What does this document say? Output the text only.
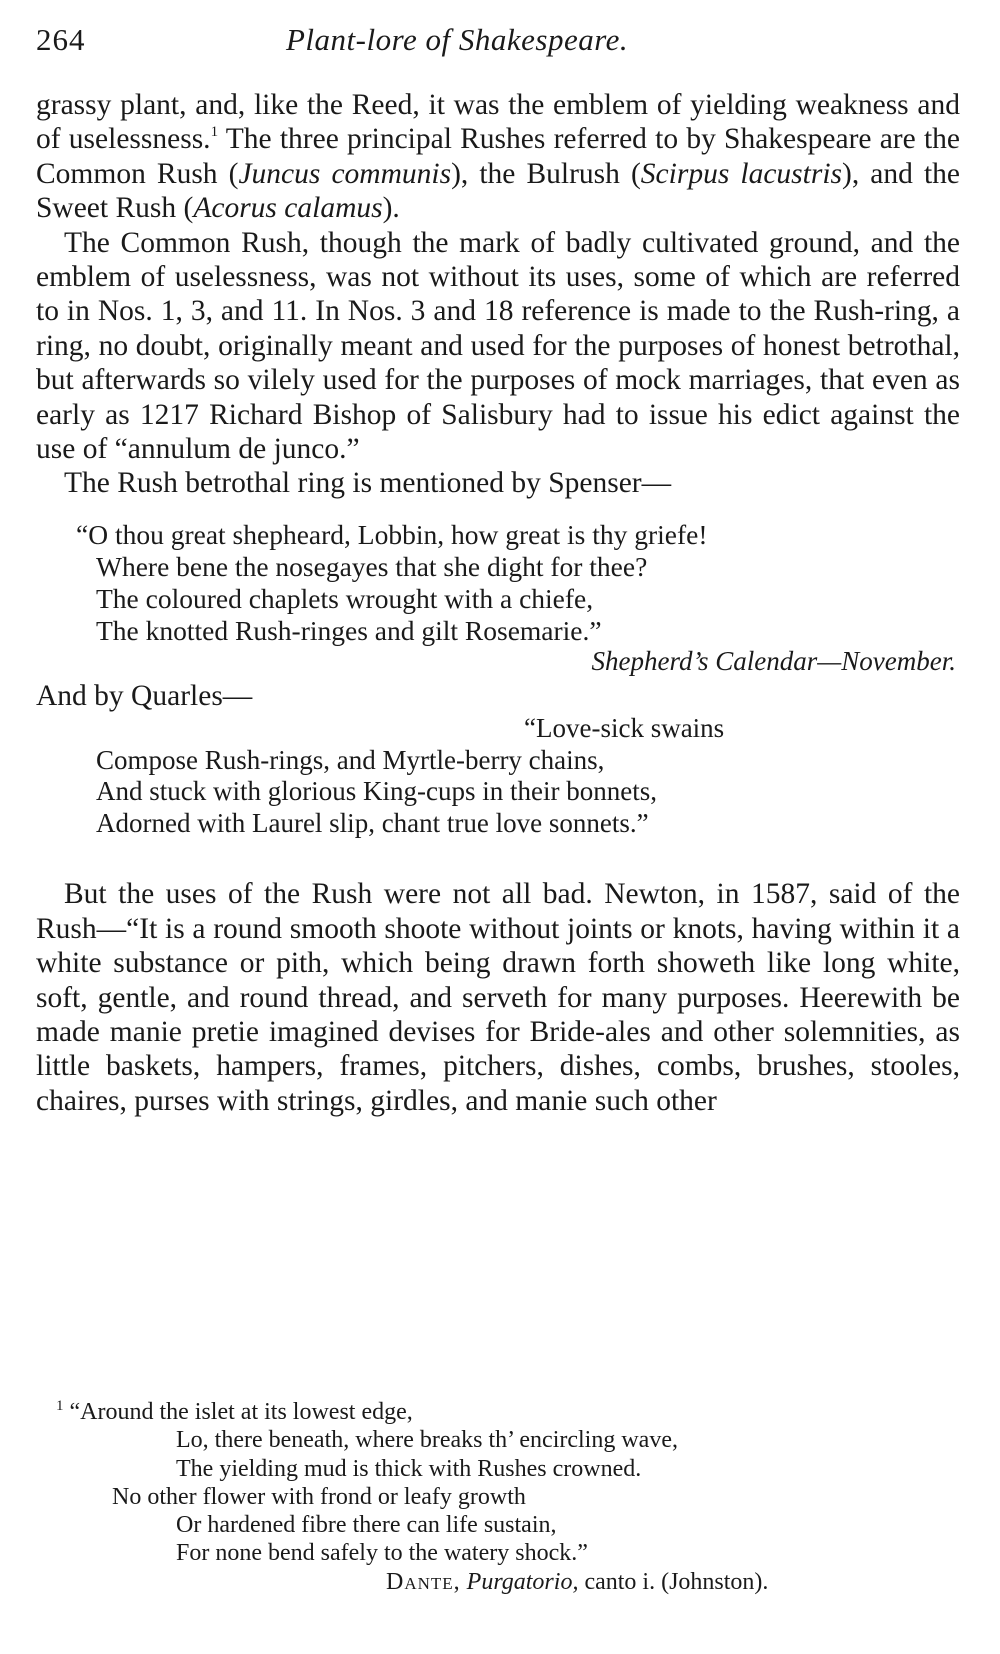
264	Plant-lore of Shakespeare.

grassy plant, and, like the Reed, it was the emblem of yielding weakness and of uselessness.$^1$ The three principal Rushes referred to by Shakespeare are the Common Rush (Juncus communis), the Bulrush (Scirpus lacustris), and the Sweet Rush (Acorus calamus).

The Common Rush, though the mark of badly cultivated ground, and the emblem of uselessness, was not without its uses, some of which are referred to in Nos. 1, 3, and 11. In Nos. 3 and 18 reference is made to the Rush-ring, a ring, no doubt, originally meant and used for the purposes of honest betrothal, but afterwards so vilely used for the purposes of mock marriages, that even as early as 1217 Richard Bishop of Salisbury had to issue his edict against the use of “annulum de junco.”

The Rush betrothal ring is mentioned by Spenser—

“O thou great shepheard, Lobbin, how great is thy griefe!
Where bene the nosegayes that she dight for thee?
The coloured chaplets wrought with a chiefe,
The knotted Rush-ringes and gilt Rosemarie.”
Shepherd’s Calendar—November.

And by Quarles—

“Love-sick swains
Compose Rush-rings, and Myrtle-berry chains,
And stuck with glorious King-cups in their bonnets,
Adorned with Laurel slip, chant true love sonnets.”

But the uses of the Rush were not all bad. Newton, in 1587, said of the Rush—“It is a round smooth shoote without joints or knots, having within it a white substance or pith, which being drawn forth showeth like long white, soft, gentle, and round thread, and serveth for many purposes. Heerewith be made manie pretie imagined devises for Bride-ales and other solemnities, as little baskets, hampers, frames, pitchers, dishes, combs, brushes, stooles, chaires, purses with strings, girdles, and manie such other

$^1$ “Around the islet at its lowest edge,
Lo, there beneath, where breaks th’ encircling wave,
The yielding mud is thick with Rushes crowned.
No other flower with frond or leafy growth
Or hardened fibre there can life sustain,
For none bend safely to the watery shock.”
Dante, Purgatorio, canto i. (Johnston).
